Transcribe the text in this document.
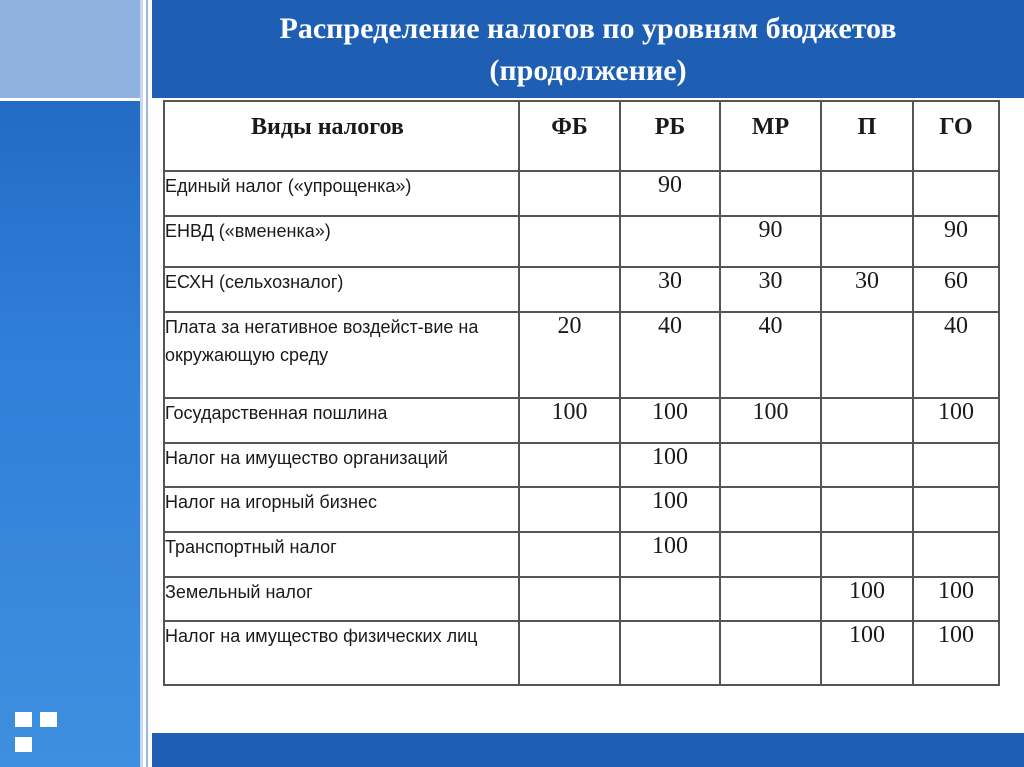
Распределение налогов по уровням бюджетов
(продолжение)
Виды налогов	ФБ	РБ	МР	П	ГО
Единый налог («упрощенка»)		90			
ЕНВД («вмененка»)			90		90
ЕСХН (сельхозналог)		30	30	30	60
Плата за негативное воздейст-вие на окружающую среду	20	40	40		40
Государственная пошлина	100	100	100		100
Налог на имущество организаций		100			
Налог на игорный бизнес		100			
Транспортный налог		100			
Земельный налог				100	100
Налог на имущество физических лиц				100	100
